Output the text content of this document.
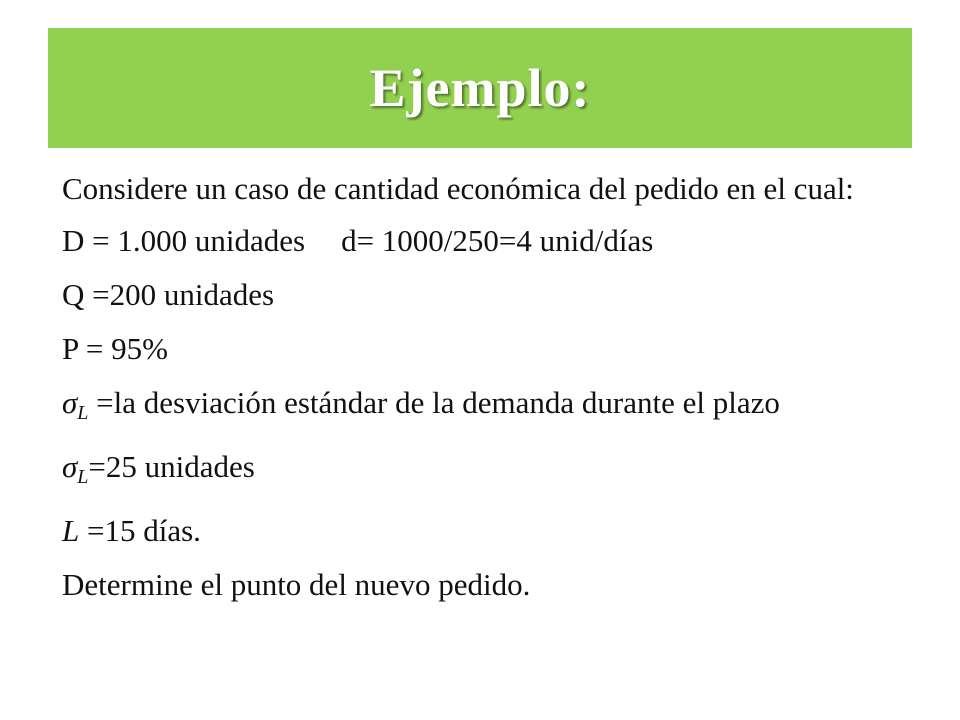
Ejemplo:
Considere un caso de cantidad económica del pedido en el cual:
D = 1.000 unidades d= 1000/250=4 unid/días
Q =200 unidades
P = 95%
$\sigma_L =la$ desviación estándar de la demanda durante el plazo
$\sigma_L=25$ unidades
L =15 días.
Determine el punto del nuevo pedido.
